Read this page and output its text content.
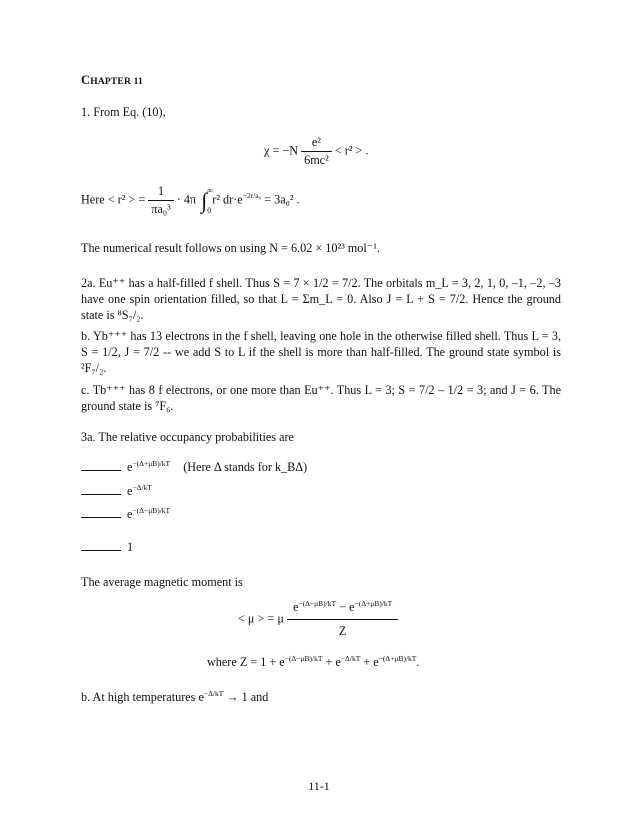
CHAPTER 11
1. From Eq. (10),
$\chi = -N \frac{\text{e²}}{\text{6mc²}} < r^2$ > .
Here < r² > = $\frac{1}{\text{πa₀³}} \cdot 4\pi$ ∫ ∞
0
r² $dr\cdot e^{-2r/a_0} = 3a_0^2$ .
The numerical result follows on using N = 6.02 × 10²³ mol⁻¹.
2a. Eu⁺⁺ has a half-filled f shell. Thus S = 7 × 1/2 = 7/2. The orbitals m_L = 3, 2, 1, 0, –1, –2, –3 have one spin orientation filled, so that L = Σm_L = 0. Also J = L + S = 7/2. Hence the ground state is ⁸S₇/₂.
b. Yb⁺⁺⁺ has 13 electrons in the f shell, leaving one hole in the otherwise filled shell. Thus L = 3, S = 1/2, J = 7/2 -- we add S to L if the shell is more than half-filled. The ground state symbol is ²F₇/₂.
c. Tb⁺⁺⁺ has 8 f electrons, or one more than Eu⁺⁺. Thus L = 3; S = 7/2 – 1/2 = 3; and J = 6. The ground state is ⁷F₆.
3a. The relative occupancy probabilities are
$e^{-(\Delta+\mu B)/kT}$ (Here Δ stands for k_BΔ)
$e^{-\Delta/kT}$
$e^{-(\Delta-\mu B)/kT}$
1
The average magnetic moment is
< μ > = μ $\frac{e^{-(\Delta-\mu B)/kT} - e^{-(\Delta+\mu B)/kT}}{Z}$
where $Z = 1 + e^{-(\Delta-\mu B)/kT} + e^{-\Delta/kT} + e^{-(\Delta+\mu B)/kT}$.
b. At high temperatures $e^{-\Delta/kT} \to 1$ and
11-1
